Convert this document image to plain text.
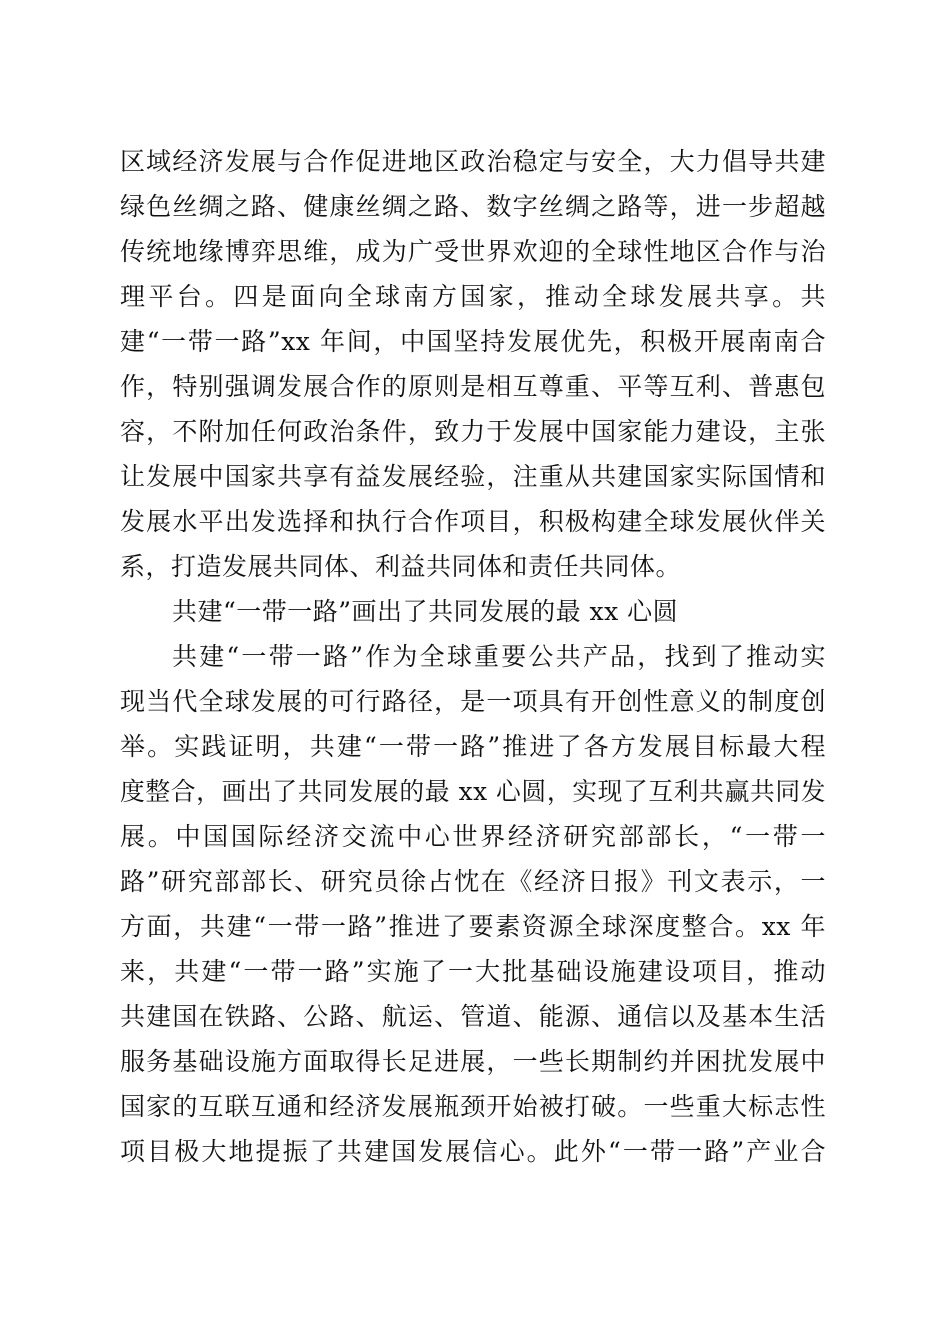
区域经济发展与合作促进地区政治稳定与安全，大力倡导共建
绿色丝绸之路、健康丝绸之路、数字丝绸之路等，进一步超越
传统地缘博弈思维，成为广受世界欢迎的全球性地区合作与治
理平台。四是面向全球南方国家，推动全球发展共享。共
建“一带一路”xx 年间，中国坚持发展优先，积极开展南南合
作，特别强调发展合作的原则是相互尊重、平等互利、普惠包
容，不附加任何政治条件，致力于发展中国家能力建设，主张
让发展中国家共享有益发展经验，注重从共建国家实际国情和
发展水平出发选择和执行合作项目，积极构建全球发展伙伴关
系，打造发展共同体、利益共同体和责任共同体。
共建“一带一路”画出了共同发展的最 xx 心圆
共建“一带一路”作为全球重要公共产品，找到了推动实
现当代全球发展的可行路径，是一项具有开创性意义的制度创
举。实践证明，共建“一带一路”推进了各方发展目标最大程
度整合，画出了共同发展的最 xx 心圆，实现了互利共赢共同发
展。中国国际经济交流中心世界经济研究部部长，“一带一
路”研究部部长、研究员徐占忱在《经济日报》刊文表示，一
方面，共建“一带一路”推进了要素资源全球深度整合。xx 年
来，共建“一带一路”实施了一大批基础设施建设项目，推动
共建国在铁路、公路、航运、管道、能源、通信以及基本生活
服务基础设施方面取得长足进展，一些长期制约并困扰发展中
国家的互联互通和经济发展瓶颈开始被打破。一些重大标志性
项目极大地提振了共建国发展信心。此外“一带一路”产业合
